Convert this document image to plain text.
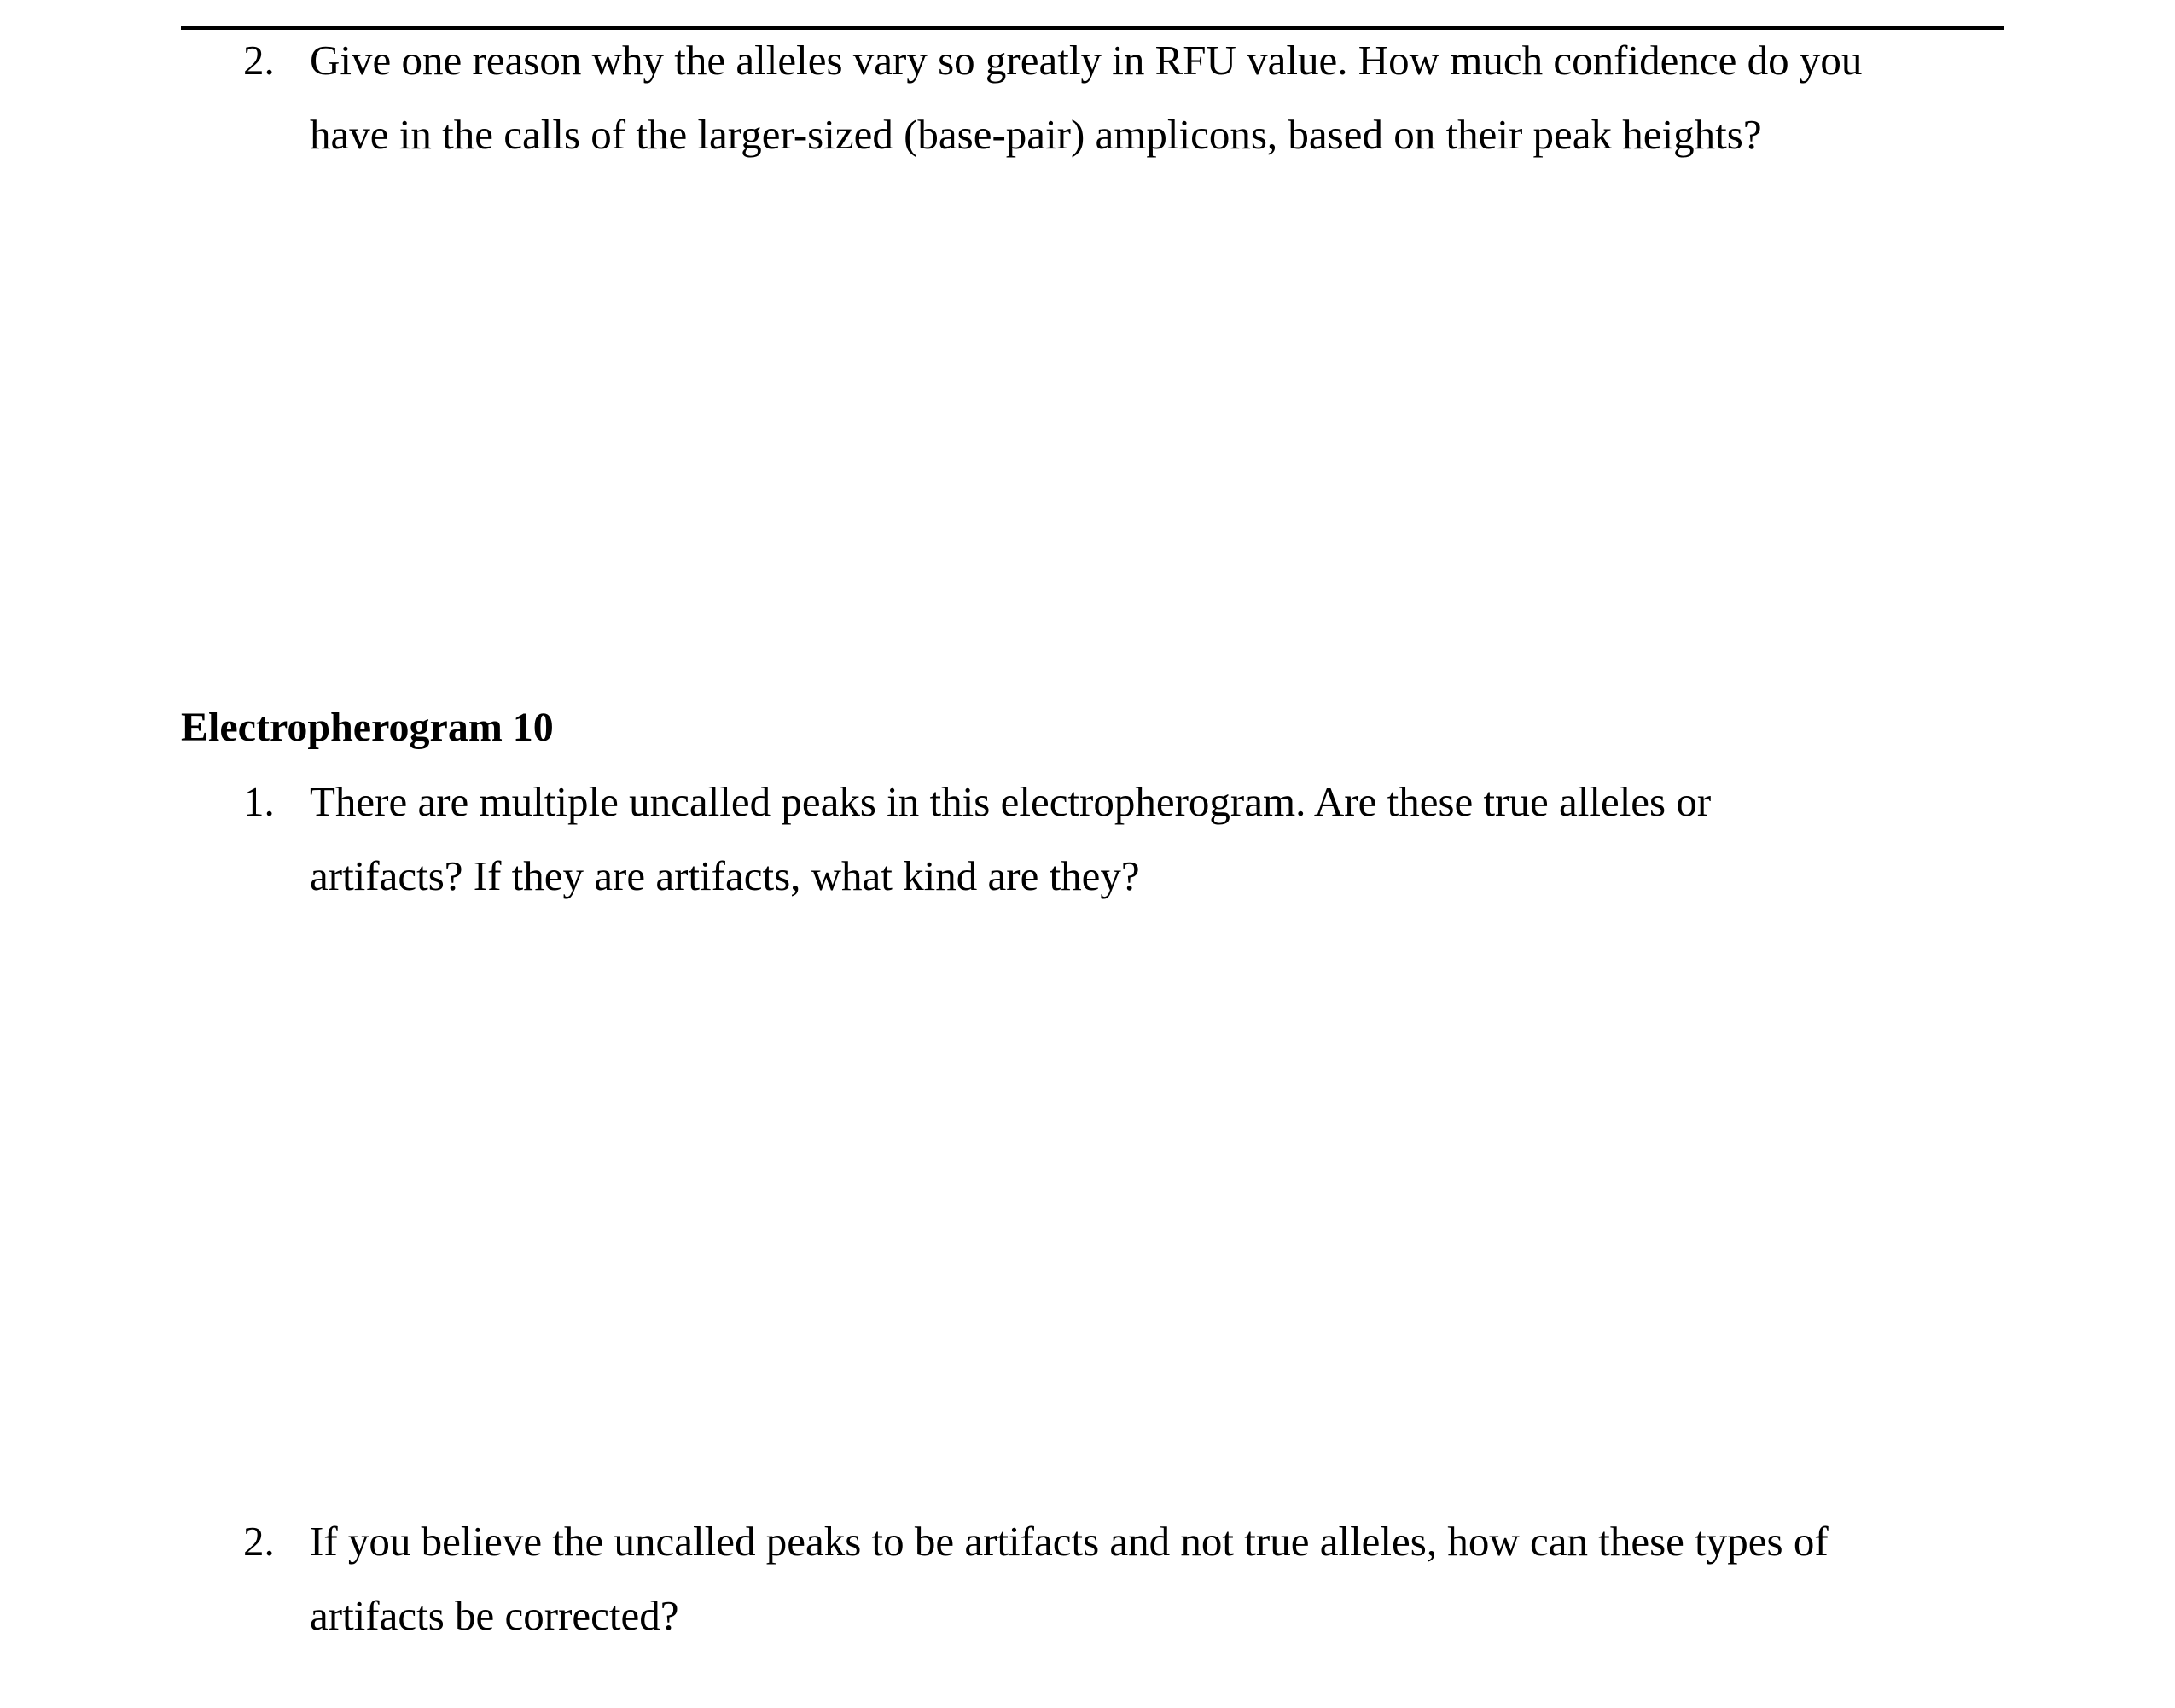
2. Give one reason why the alleles vary so greatly in RFU value. How much confidence do you
have in the calls of the larger-sized (base-pair) amplicons, based on their peak heights?
Electropherogram 10
1. There are multiple uncalled peaks in this electropherogram. Are these true alleles or
artifacts? If they are artifacts, what kind are they?
2. If you believe the uncalled peaks to be artifacts and not true alleles, how can these types of
artifacts be corrected?
